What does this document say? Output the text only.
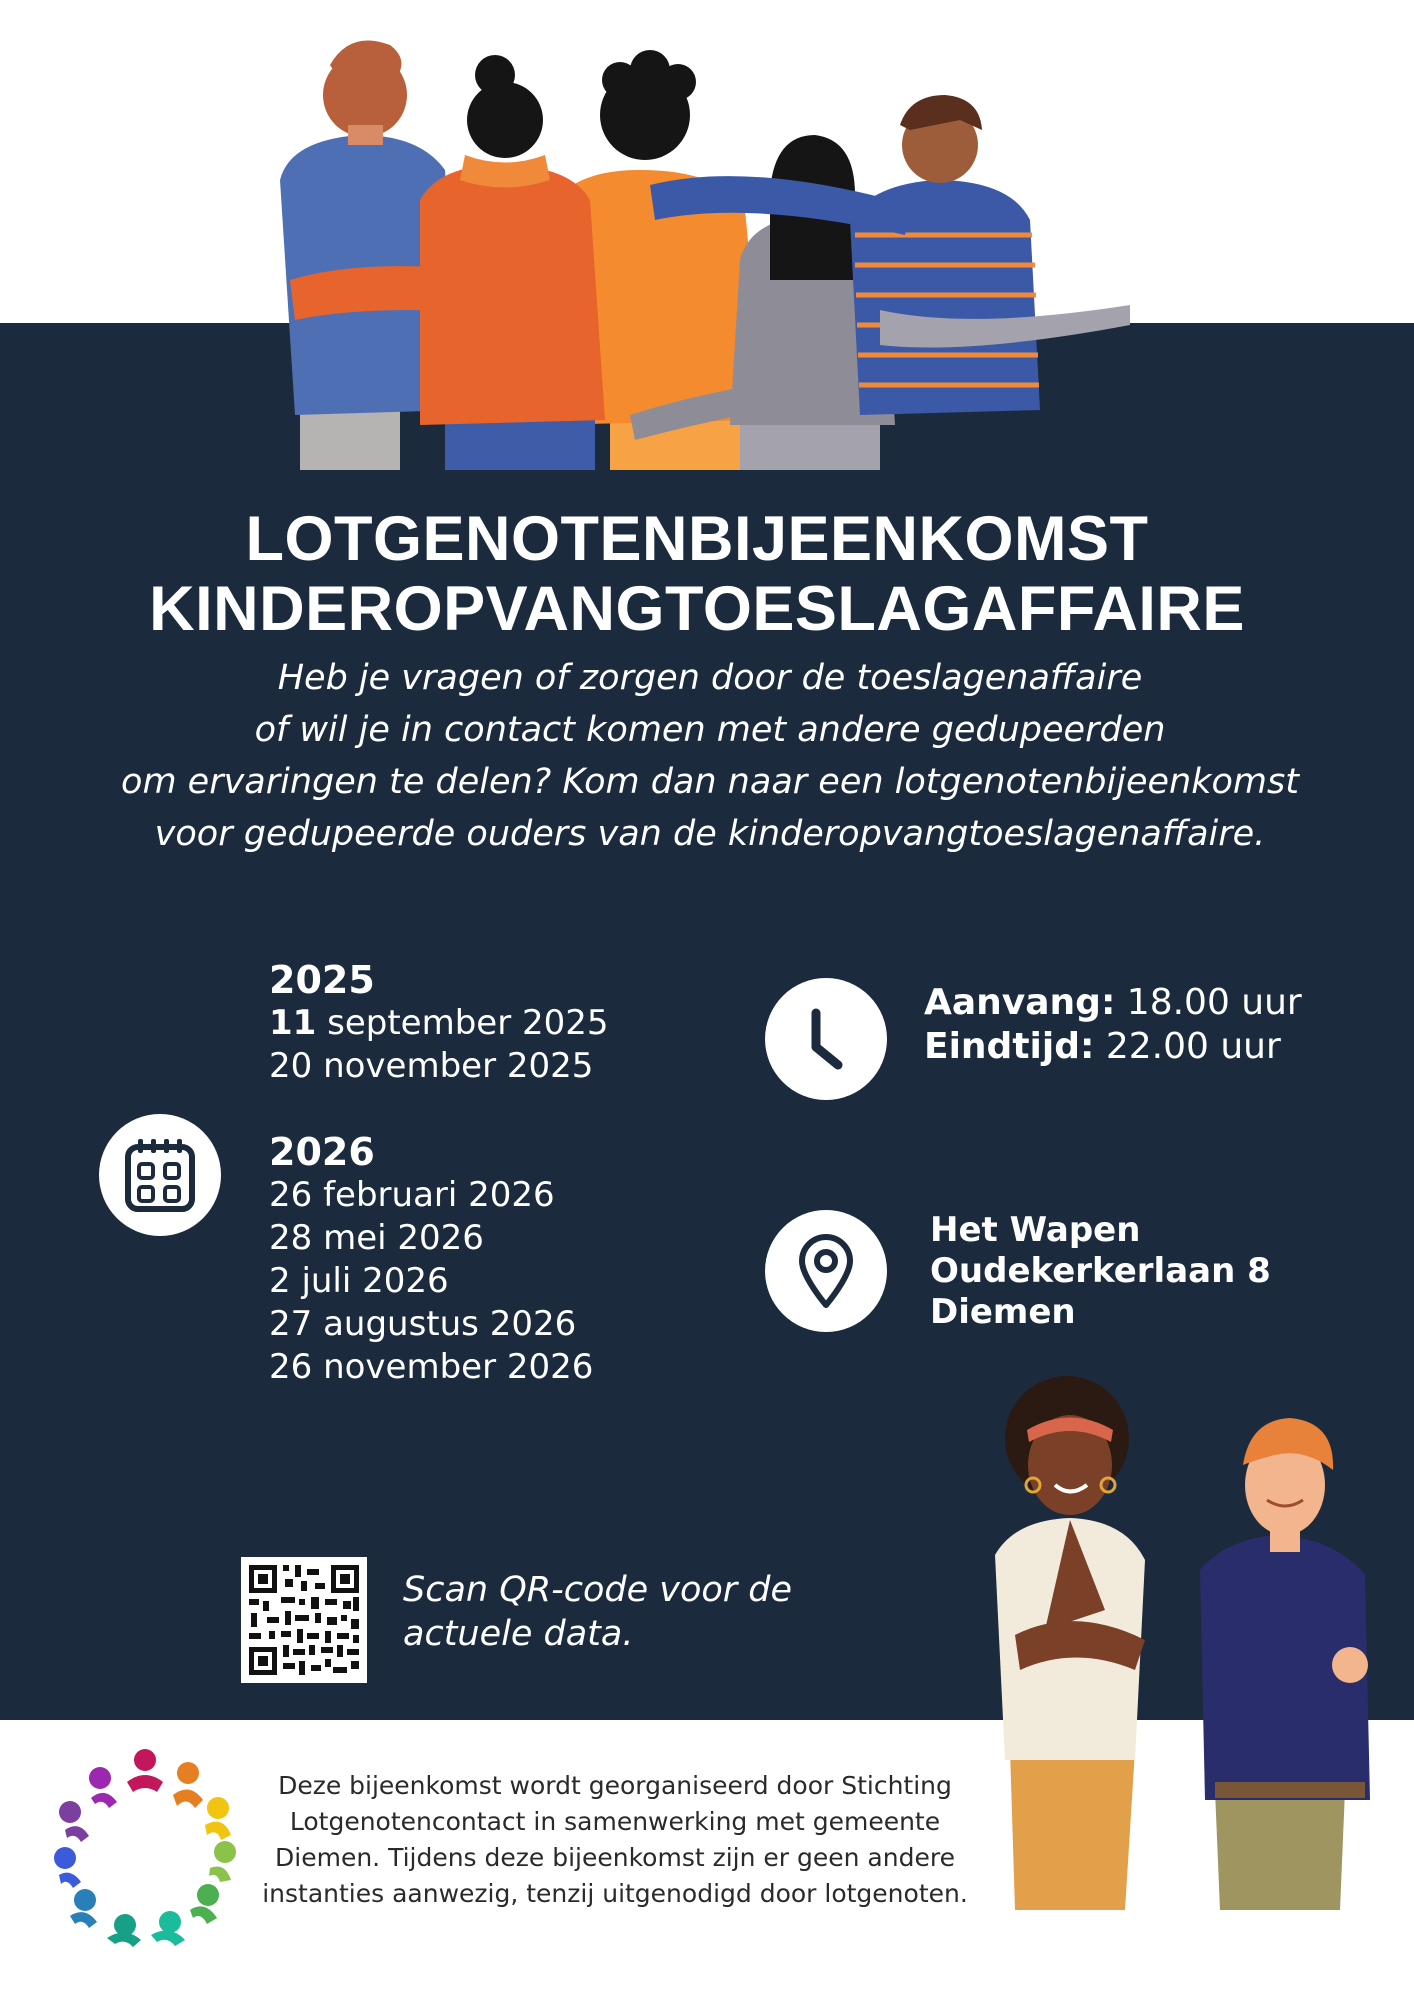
LOTGENOTENBIJEENKOMST
KINDEROPVANGTOESLAGAFFAIRE
Heb je vragen of zorgen door de toeslagenaffaire
of wil je in contact komen met andere gedupeerden
om ervaringen te delen? Kom dan naar een lotgenotenbijeenkomst
voor gedupeerde ouders van de kinderopvangtoeslagenaffaire.
2025
11 september 2025
20 november 2025
2026
26 februari 2026
28 mei 2026
2 juli 2026
27 augustus 2026
26 november 2026
Aanvang: 18.00 uur
Eindtijd: 22.00 uur
Het Wapen
Oudekerkerlaan 8
Diemen
Scan QR-code voor de
actuele data.
Deze bijeenkomst wordt georganiseerd door Stichting
Lotgenotencontact in samenwerking met gemeente
Diemen. Tijdens deze bijeenkomst zijn er geen andere
instanties aanwezig, tenzij uitgenodigd door lotgenoten.
